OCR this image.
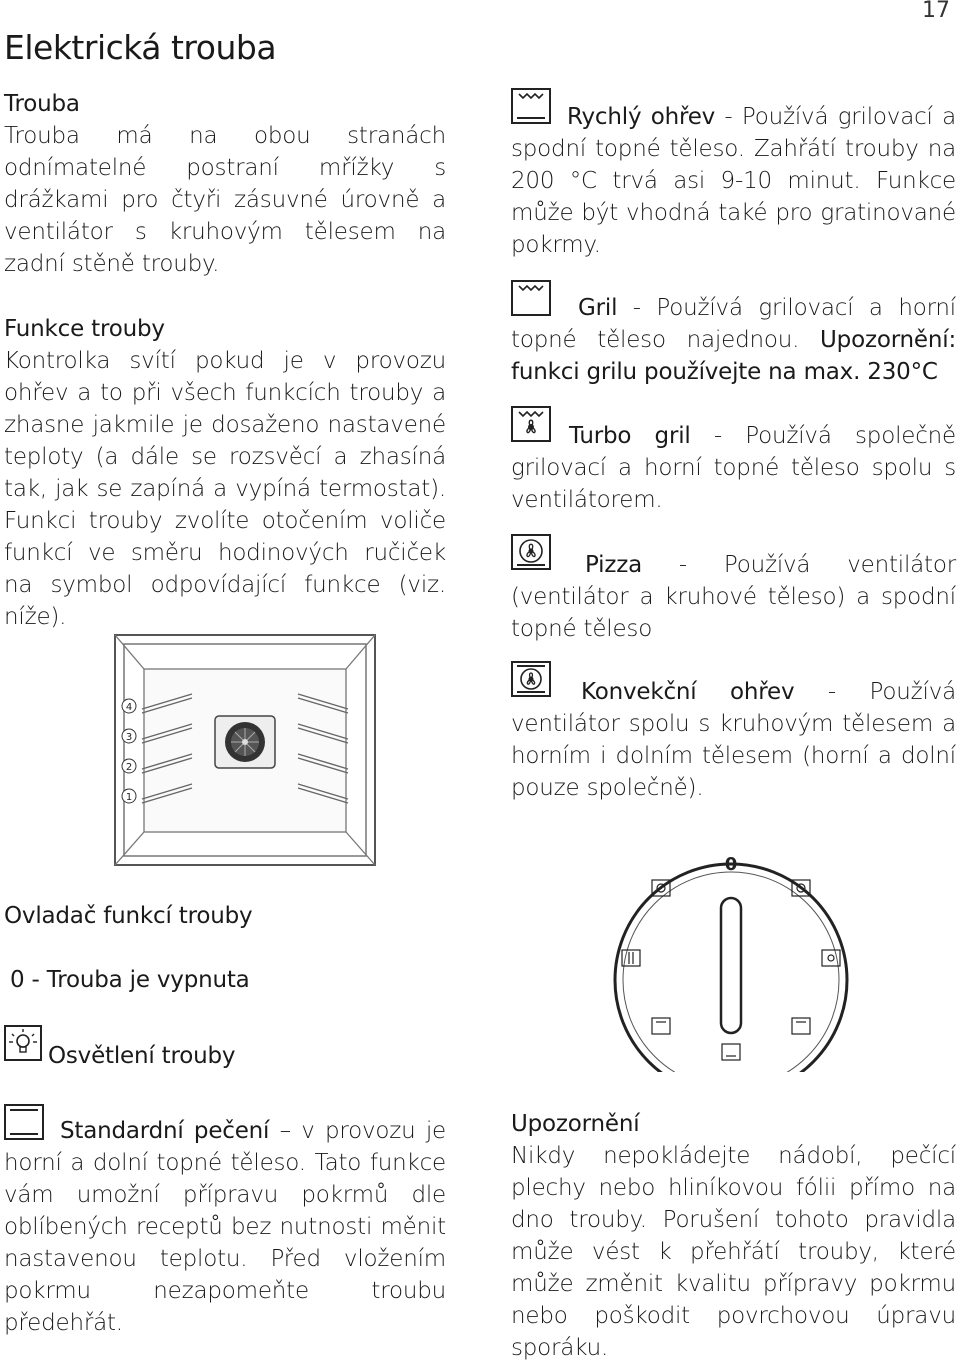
17
Elektrická trouba
Trouba
Trouba má na obou stranách odnímatelné postraní mřížky s drážkami pro čtyři zásuvné úrovně a ventilátor s kruhovým tělesem na zadní stěně trouby.
Funkce trouby
Kontrolka svítí pokud je v provozu ohřev a to při všech funkcích trouby a zhasne jakmile je dosaženo nastavené teploty (a dále se rozsvěcí a zhasíná tak, jak se zapíná a vypíná termostat). Funkci trouby zvolíte otočením voliče funkcí ve směru hodinových ručiček na symbol odpovídající funkce (viz. níže).
4
3
2
1
Ovladač funkcí trouby
0 - Trouba je vypnuta
Osvětlení trouby
Standardní pečení – v provozu je horní a dolní topné těleso. Tato funkce vám umožní přípravu pokrmů dle oblíbených receptů bez nutnosti měnit nastavenou teplotu. Před vložením pokrmu nezapomeňte troubu předehřát.
Rychlý ohřev - Používá grilovací a spodní topné těleso. Zahřátí trouby na 200 °C trvá asi 9-10 minut. Funkce může být vhodná také pro gratinované pokrmy.
Gril - Používá grilovací a horní topné těleso najednou. Upozornění: funkci grilu používejte na max. 230°C
Turbo gril - Používá společně grilovací a horní topné těleso spolu s ventilátorem.
Pizza - Používá ventilátor (ventilátor a kruhové těleso) a spodní topné těleso
Konvekční ohřev - Používá ventilátor spolu s kruhovým tělesem a horním i dolním tělesem (horní a dolní pouze společně).
0
Upozornění
Nikdy nepokládejte nádobí, pečící plechy nebo hliníkovou fólii přímo na dno trouby. Porušení tohoto pravidla může vést k přehřátí trouby, které může změnit kvalitu přípravy pokrmu nebo poškodit povrchovou úpravu sporáku.
